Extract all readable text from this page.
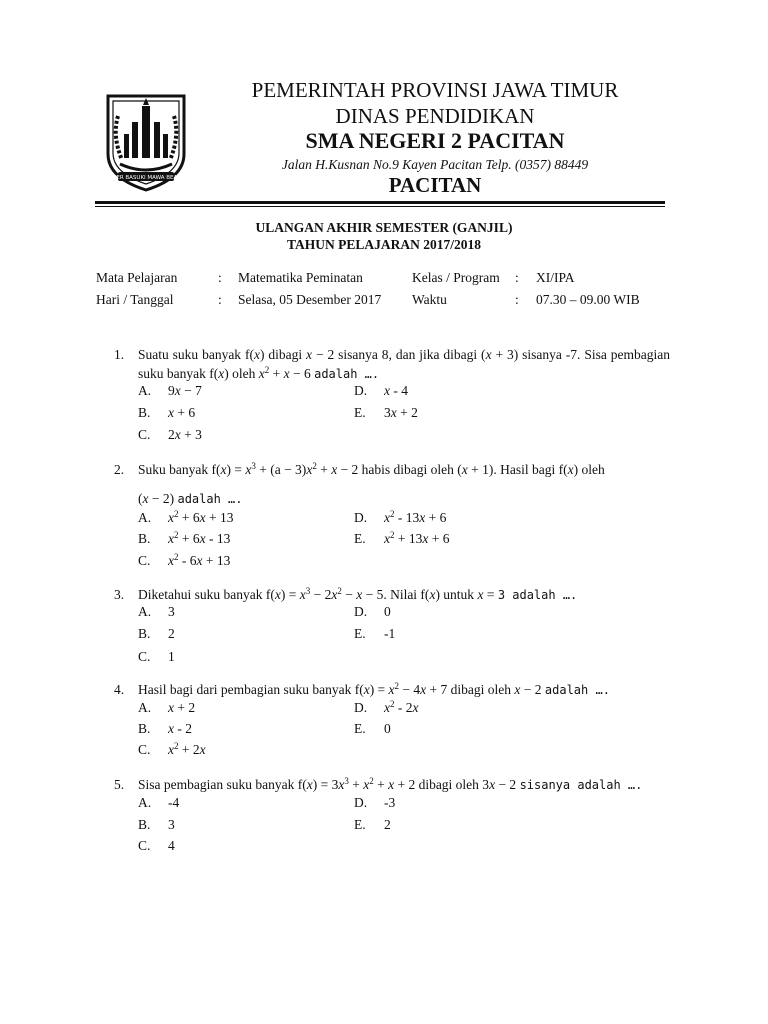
JER BASUKI MAWA BEA
PEMERINTAH PROVINSI JAWA TIMUR
DINAS PENDIDIKAN
SMA NEGERI 2 PACITAN
Jalan H.Kusnan No.9 Kayen Pacitan Telp. (0357) 88449
PACITAN
ULANGAN AKHIR SEMESTER (GANJIL)
TAHUN PELAJARAN 2017/2018
Mata Pelajaran	: Matematika Peminatan	Kelas / Program : XI/IPA
Hari / Tanggal	: Selasa, 05 Desember 2017 Waktu	: 07.30 – 09.00 WIB
1. Suatu suku banyak f(x) dibagi x − 2 sisanya 8, dan jika dibagi (x + 3) sisanya -7. Sisa pembagian suku banyak f(x) oleh $x^2 + x - 6$ adalah ….
A. 9x − 7	D. x - 4
B. x + 6	E. 3x + 2
C. 2x + 3
2. Suku banyak $f(x) = x^3 + (a - 3)x^2 + x - 2$ habis dibagi oleh (x + 1). Hasil bagi f(x) oleh
(x − 2) adalah ….
A. $x^2 + 6x + 13$	D. $x^2 - 13x + 6$
B. $x^2 + 6x - 13$	E. $x^2 + 13x + 6$
C. $x^2 - 6x + 13$
3. Diketahui suku banyak $f(x) = x^3 - 2x^2 - x - 5$. Nilai f(x) untuk x = 3 adalah ….
A. 3	D. 0
B. 2	E. -1
C. 1
4. Hasil bagi dari pembagian suku banyak $f(x) = x^2 - 4x + 7$ dibagi oleh x − 2 adalah ….
A. x + 2	D. $x^2 - 2x$
B. x - 2	E. 0
C. $x^2 + 2x$
5. Sisa pembagian suku banyak $f(x) = 3x^3 + x^2 + x + 2$ dibagi oleh 3x − 2 sisanya adalah ….
A. -4	D. -3
B. 3	E. 2
C. 4
